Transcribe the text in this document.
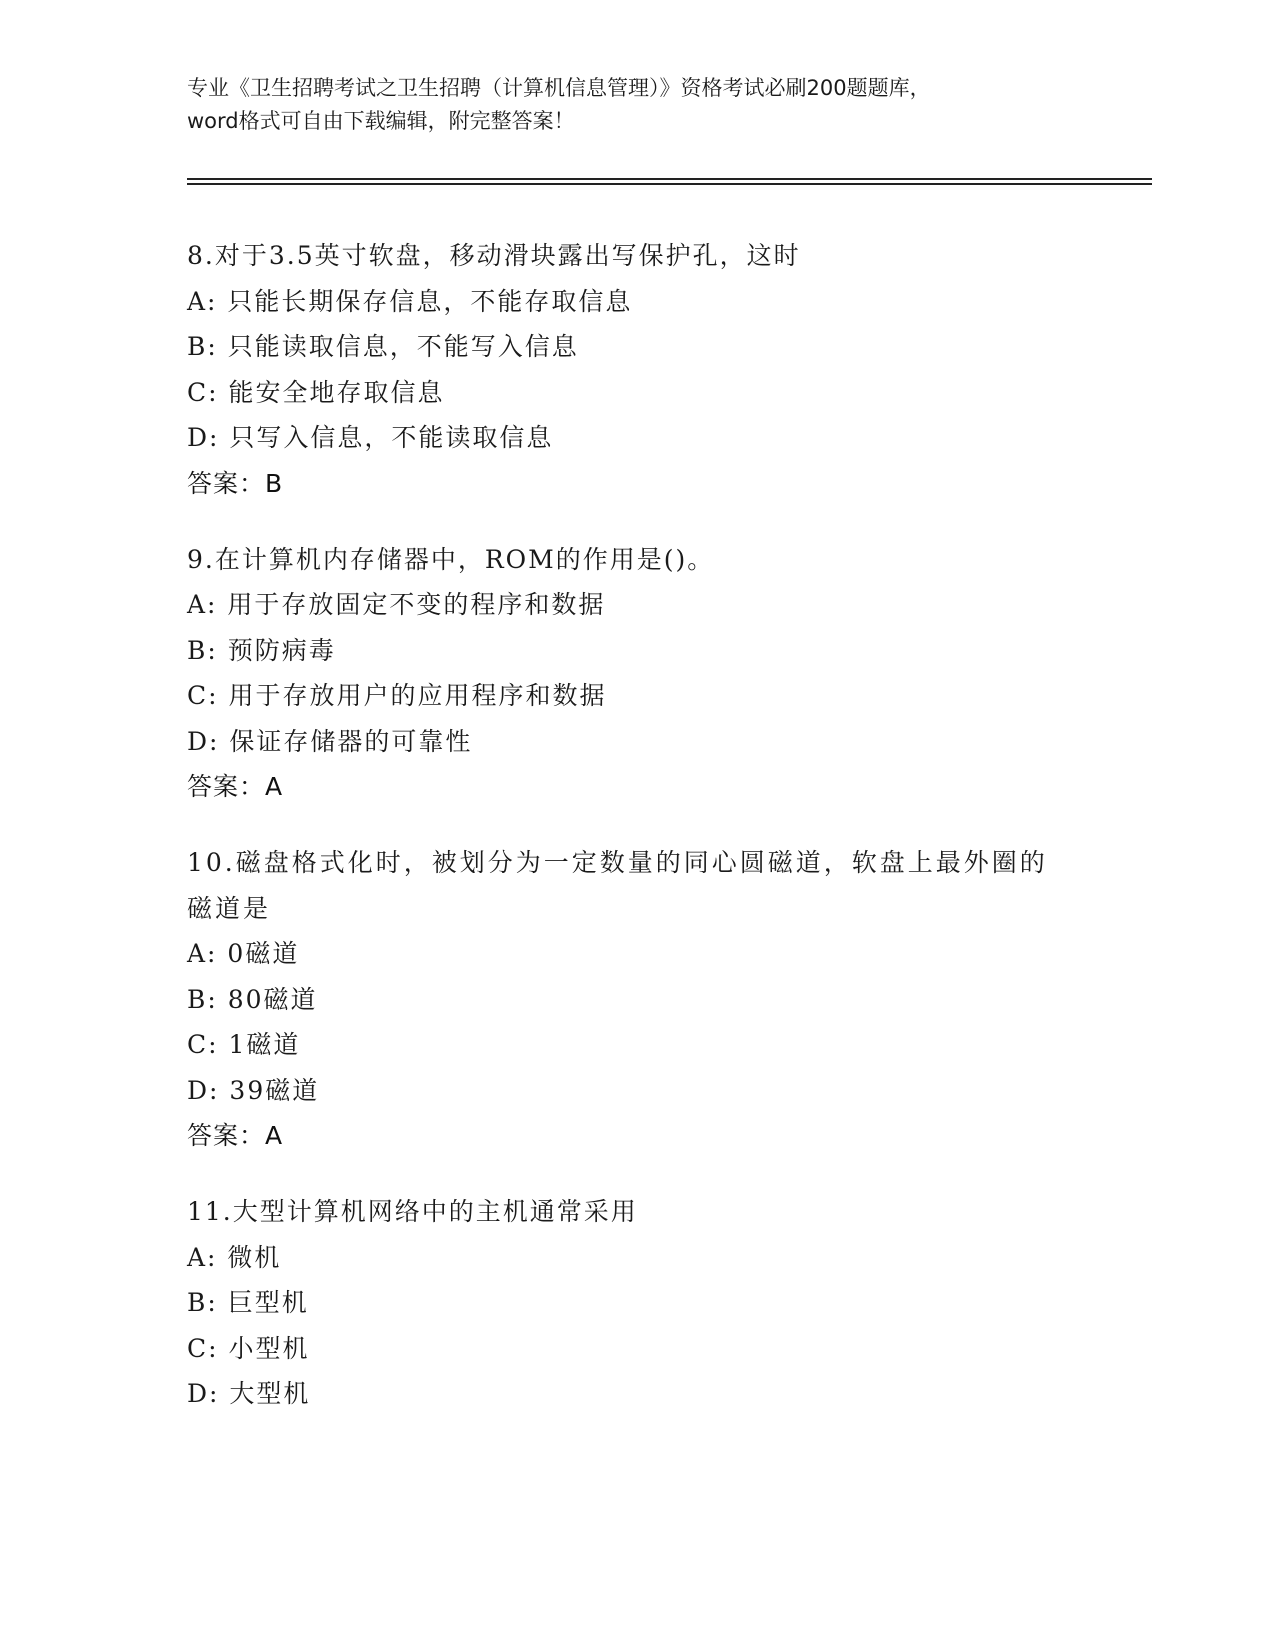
专业《卫生招聘考试之卫生招聘（计算机信息管理）》资格考试必刷200题题库，
word格式可自由下载编辑，附完整答案！
8.对于3.5英寸软盘，移动滑块露出写保护孔，这时
A: 只能长期保存信息，不能存取信息
B: 只能读取信息，不能写入信息
C: 能安全地存取信息
D: 只写入信息，不能读取信息
答案：B
9.在计算机内存储器中，ROM的作用是()。
A: 用于存放固定不变的程序和数据
B: 预防病毒
C: 用于存放用户的应用程序和数据
D: 保证存储器的可靠性
答案：A
10.磁盘格式化时，被划分为一定数量的同心圆磁道，软盘上最外圈的磁道是
A: 0磁道
B: 80磁道
C: 1磁道
D: 39磁道
答案：A
11.大型计算机网络中的主机通常采用
A: 微机
B: 巨型机
C: 小型机
D: 大型机
